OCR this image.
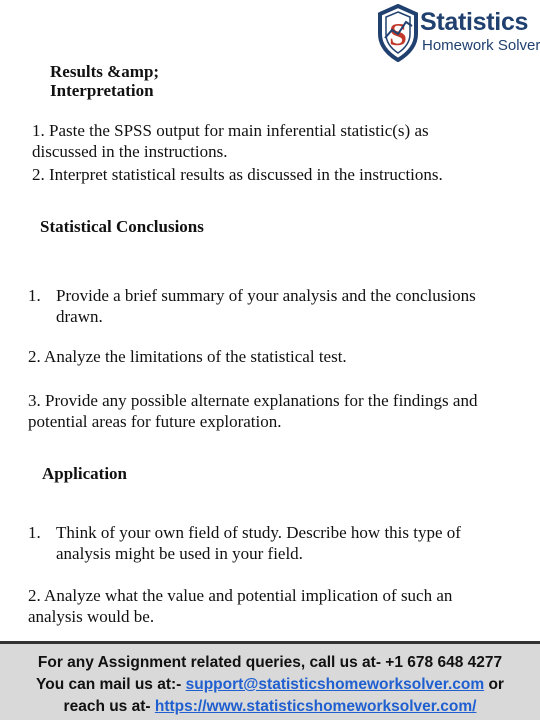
S Statistics
Homework Solver
Results &amp;
Interpretation
1. Paste the SPSS output for main inferential statistic(s) as
discussed in the instructions.
2. Interpret statistical results as discussed in the instructions.
Statistical Conclusions
1. Provide a brief summary of your analysis and the conclusions
drawn.
2. Analyze the limitations of the statistical test.
3. Provide any possible alternate explanations for the findings and
potential areas for future exploration.
Application
1. Think of your own field of study. Describe how this type of
analysis might be used in your field.
2. Analyze what the value and potential implication of such an
analysis would be.
For any Assignment related queries, call us at- +1 678 648 4277
You can mail us at:- support@statisticshomeworksolver.com or
reach us at- https://www.statisticshomeworksolver.com/
